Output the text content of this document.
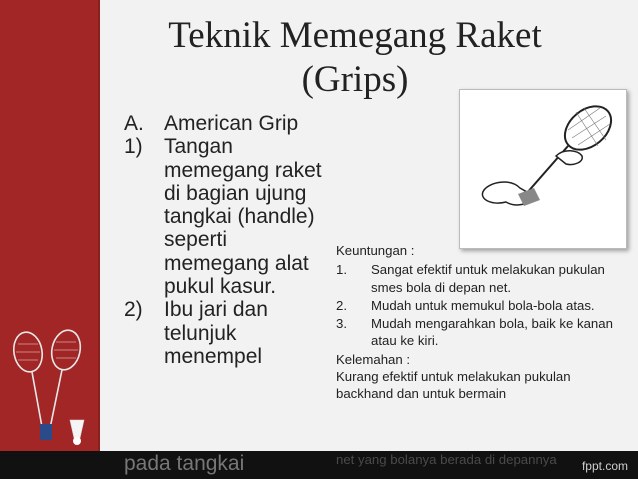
Teknik Memegang Raket
(Grips)
A. American Grip
1)	Tangan memegang raket di bagian ujung tangkai (handle) seperti memegang alat pukul kasur.
2)	Ibu jari dan telunjuk menempel
Keuntungan :
1.	Sangat efektif untuk melakukan pukulan smes bola di depan net.
2.	Mudah untuk memukul bola-bola atas.
3.	Mudah mengarahkan bola, baik ke kanan atau ke kiri.
Kelemahan :
Kurang efektif untuk melakukan pukulan backhand dan untuk bermain
pada tangkai	net yang bolanya berada di depannya fppt.com
